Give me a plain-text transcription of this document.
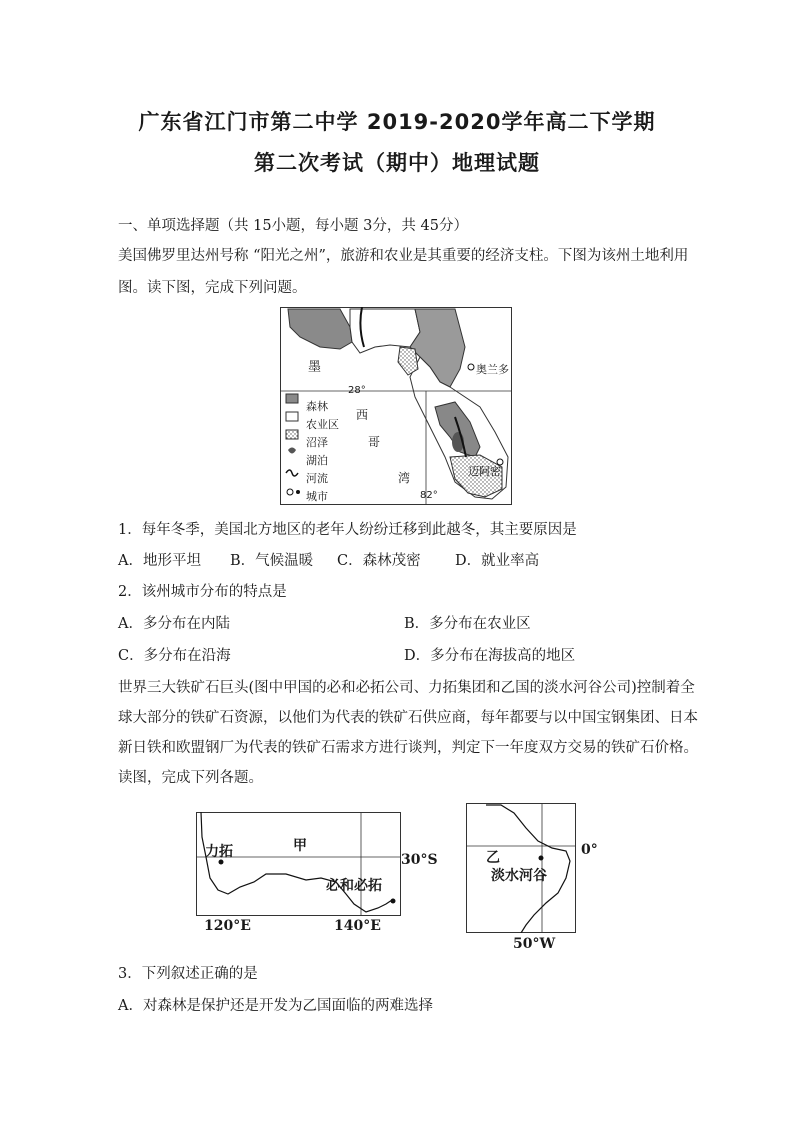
广东省江门市第二中学 2019-2020学年高二下学期
第二次考试（期中）地理试题
一、单项选择题（共 15小题，每小题 3分，共 45分）
美国佛罗里达州号称 “阳光之州”，旅游和农业是其重要的经济支柱。下图为该州土地利用
图。读下图，完成下列问题。
森林
农业区
沼泽
湖泊
河流
城市
墨
西
哥
湾
28°
82°
奥兰多
迈阿密
1．每年冬季，美国北方地区的老年人纷纷迁移到此越冬，其主要原因是
A．地形平坦 B．气候温暖 C．森林茂密 D．就业率高
2．该州城市分布的特点是
A．多分布在内陆	B．多分布在农业区
C．多分布在沿海	D．多分布在海拔高的地区
世界三大铁矿石巨头(图中甲国的必和必拓公司、力拓集团和乙国的淡水河谷公司)控制着全
球大部分的铁矿石资源，以他们为代表的铁矿石供应商，每年都要与以中国宝钢集团、日本
新日铁和欧盟钢厂为代表的铁矿石需求方进行谈判，判定下一年度双方交易的铁矿石价格。
读图，完成下列各题。
力拓	甲
必和必拓
30°S
120°E	140°E
乙
淡水河谷
0°
50°W
3．下列叙述正确的是
A．对森林是保护还是开发为乙国面临的两难选择
